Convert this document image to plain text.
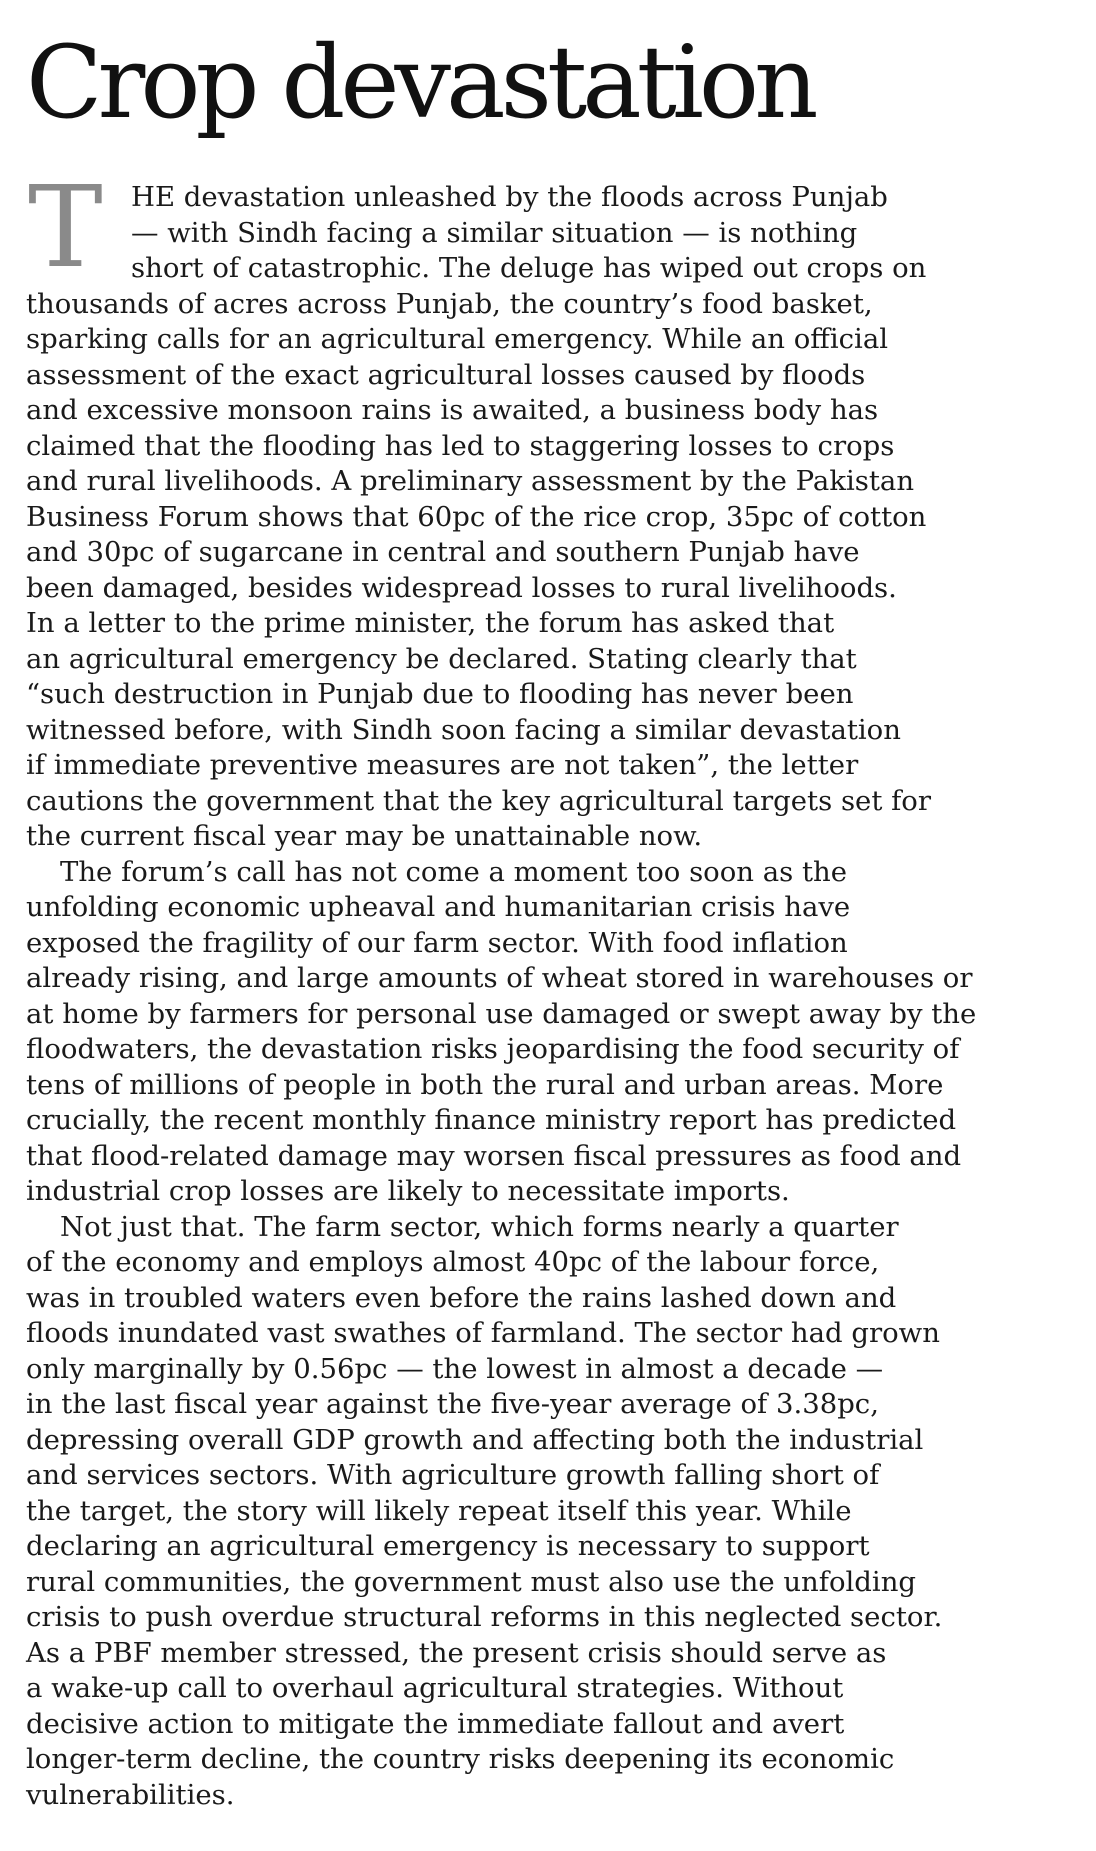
Crop devastation
T	HE devastation unleashed by the floods across Punjab
— with Sindh facing a similar situation — is nothing
short of catastrophic. The deluge has wiped out crops on
thousands of acres across Punjab, the country’s food basket,
sparking calls for an agricultural emergency. While an official
assessment of the exact agricultural losses caused by floods
and excessive monsoon rains is awaited, a business body has
claimed that the flooding has led to staggering losses to crops
and rural livelihoods. A preliminary assessment by the Pakistan
Business Forum shows that 60pc of the rice crop, 35pc of cotton
and 30pc of sugarcane in central and southern Punjab have
been damaged, besides widespread losses to rural livelihoods.
In a letter to the prime minister, the forum has asked that
an agricultural emergency be declared. Stating clearly that
“such destruction in Punjab due to flooding has never been
witnessed before, with Sindh soon facing a similar devastation
if immediate preventive measures are not taken”, the letter
cautions the government that the key agricultural targets set for
the current fiscal year may be unattainable now.
The forum’s call has not come a moment too soon as the
unfolding economic upheaval and humanitarian crisis have
exposed the fragility of our farm sector. With food inflation
already rising, and large amounts of wheat stored in warehouses or
at home by farmers for personal use damaged or swept away by the
floodwaters, the devastation risks jeopardising the food security of
tens of millions of people in both the rural and urban areas. More
crucially, the recent monthly finance ministry report has predicted
that flood-related damage may worsen fiscal pressures as food and
industrial crop losses are likely to necessitate imports.
Not just that. The farm sector, which forms nearly a quarter
of the economy and employs almost 40pc of the labour force,
was in troubled waters even before the rains lashed down and
floods inundated vast swathes of farmland. The sector had grown
only marginally by 0.56pc — the lowest in almost a decade —
in the last fiscal year against the five-year average of 3.38pc,
depressing overall GDP growth and affecting both the industrial
and services sectors. With agriculture growth falling short of
the target, the story will likely repeat itself this year. While
declaring an agricultural emergency is necessary to support
rural communities, the government must also use the unfolding
crisis to push overdue structural reforms in this neglected sector.
As a PBF member stressed, the present crisis should serve as
a wake-up call to overhaul agricultural strategies. Without
decisive action to mitigate the immediate fallout and avert
longer-term decline, the country risks deepening its economic
vulnerabilities.
